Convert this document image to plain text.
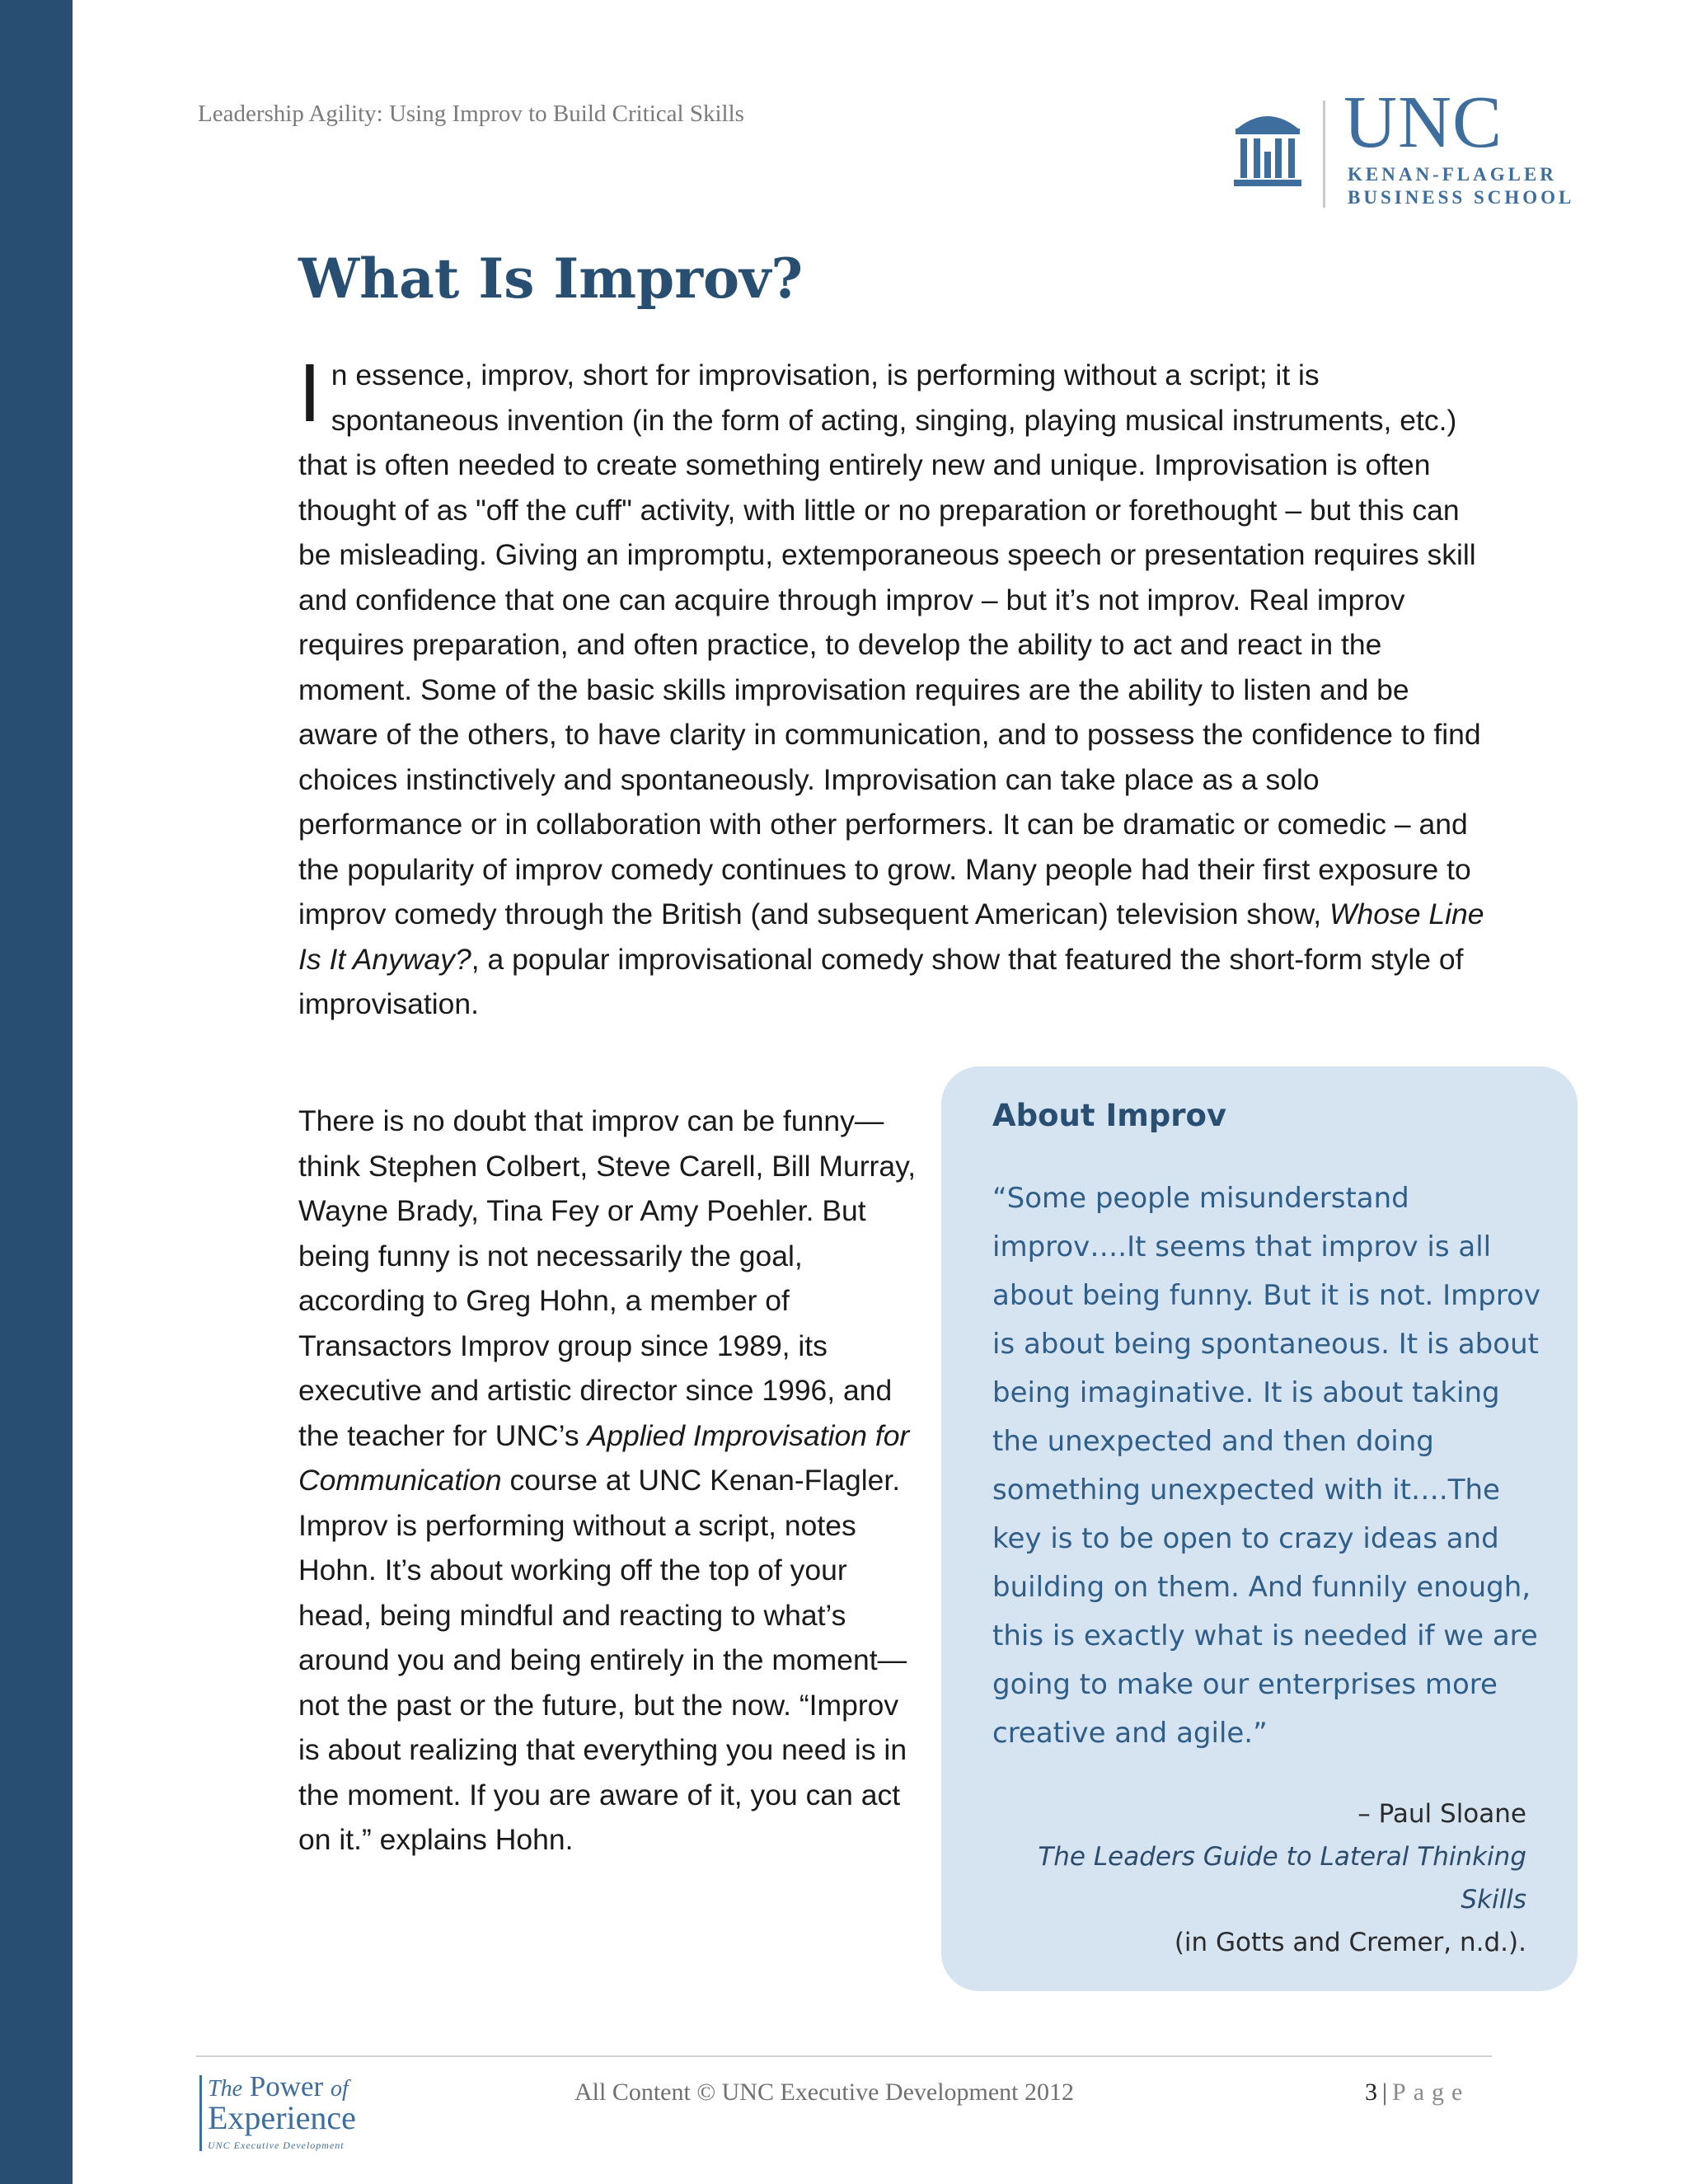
Leadership Agility: Using Improv to Build Critical Skills	UNC
KENAN-FLAGLER
BUSINESS SCHOOL
What Is Improv?

In essence, improv, short for improvisation, is performing without a script; it is spontaneous invention (in the form of acting, singing, playing musical instruments, etc.) that is often needed to create something entirely new and unique. Improvisation is often thought of as "off the cuff" activity, with little or no preparation or forethought – but this can be misleading. Giving an impromptu, extemporaneous speech or presentation requires skill and confidence that one can acquire through improv – but it’s not improv. Real improv requires preparation, and often practice, to develop the ability to act and react in the moment. Some of the basic skills improvisation requires are the ability to listen and be aware of the others, to have clarity in communication, and to possess the confidence to find choices instinctively and spontaneously. Improvisation can take place as a solo performance or in collaboration with other performers. It can be dramatic or comedic – and the popularity of improv comedy continues to grow. Many people had their first exposure to improv comedy through the British (and subsequent American) television show, Whose Line Is It Anyway?, a popular improvisational comedy show that featured the short-form style of improvisation.

There is no doubt that improv can be funny—think Stephen Colbert, Steve Carell, Bill Murray, Wayne Brady, Tina Fey or Amy Poehler. But being funny is not necessarily the goal, according to Greg Hohn, a member of Transactors Improv group since 1989, its executive and artistic director since 1996, and the teacher for UNC’s Applied Improvisation for Communication course at UNC Kenan-Flagler. Improv is performing without a script, notes Hohn. It’s about working off the top of your head, being mindful and reacting to what’s around you and being entirely in the moment—not the past or the future, but the now. “Improv is about realizing that everything you need is in the moment. If you are aware of it, you can act on it.” explains Hohn.

About Improv

“Some people misunderstand improv….It seems that improv is all about being funny. But it is not. Improv is about being spontaneous. It is about being imaginative. It is about taking the unexpected and then doing something unexpected with it….The key is to be open to crazy ideas and building on them. And funnily enough, this is exactly what is needed if we are going to make our enterprises more creative and agile.”

– Paul Sloane
The Leaders Guide to Lateral Thinking Skills
(in Gotts and Cremer, n.d.).
The Power of
Experience
UNC Executive Development
All Content © UNC Executive Development 2012	3 | Page
